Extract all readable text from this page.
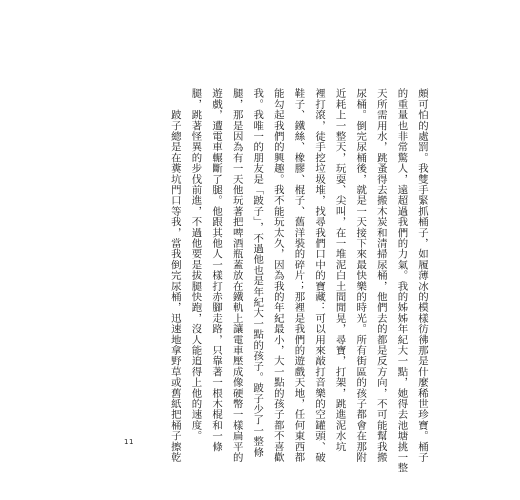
頗可怕的處罰。我雙手緊抓桶子，如履薄冰的模樣彷彿那是什麼稀世珍寶。桶子

的重量也非常驚人，遠超過我們的力氣。我的姊姊年紀大一點，她得去池塘挑一整

天所需用水，跳蚤得去搬木炭和清掃尿桶，他們去的都是反方向，不可能幫我搬

尿桶。倒完尿桶後，就是一天接下來最快樂的時光。所有街區的孩子都會在那附

近耗上一整天，玩耍、尖叫，在一堆泥白土間閒晃，尋寶，打架，跳進泥水坑

裡打滾，徒手挖垃圾堆，找尋我們口中的寶藏：可以用來敲打音樂的空罐頭、破

鞋子、鐵絲、橡膠、棍子、舊洋裝的碎片；那裡是我們的遊戲天地，任何東西都

能勾起我們的興趣。我不能玩太久，因為我的年紀最小，大一點的孩子都不喜歡

我。我唯一的朋友是「跛子」，不過他也是年紀大一點的孩子。跛子少了一整條

腿，那是因為有一天他玩著把啤酒瓶蓋放在鐵軌上讓電車壓成像硬幣一樣扁平的

遊戲，遭電車輾斷了腿。他跟其他人一樣打赤腳走路，只靠著一根木棍和一條

腿，跳著怪異的步伐前進，不過他要是拔腿快跑，沒人能追得上他的速度。

　　跛子總是在糞坑門口等我，當我倒完尿桶，迅速地拿野草或舊紙把桶子擦乾

11
